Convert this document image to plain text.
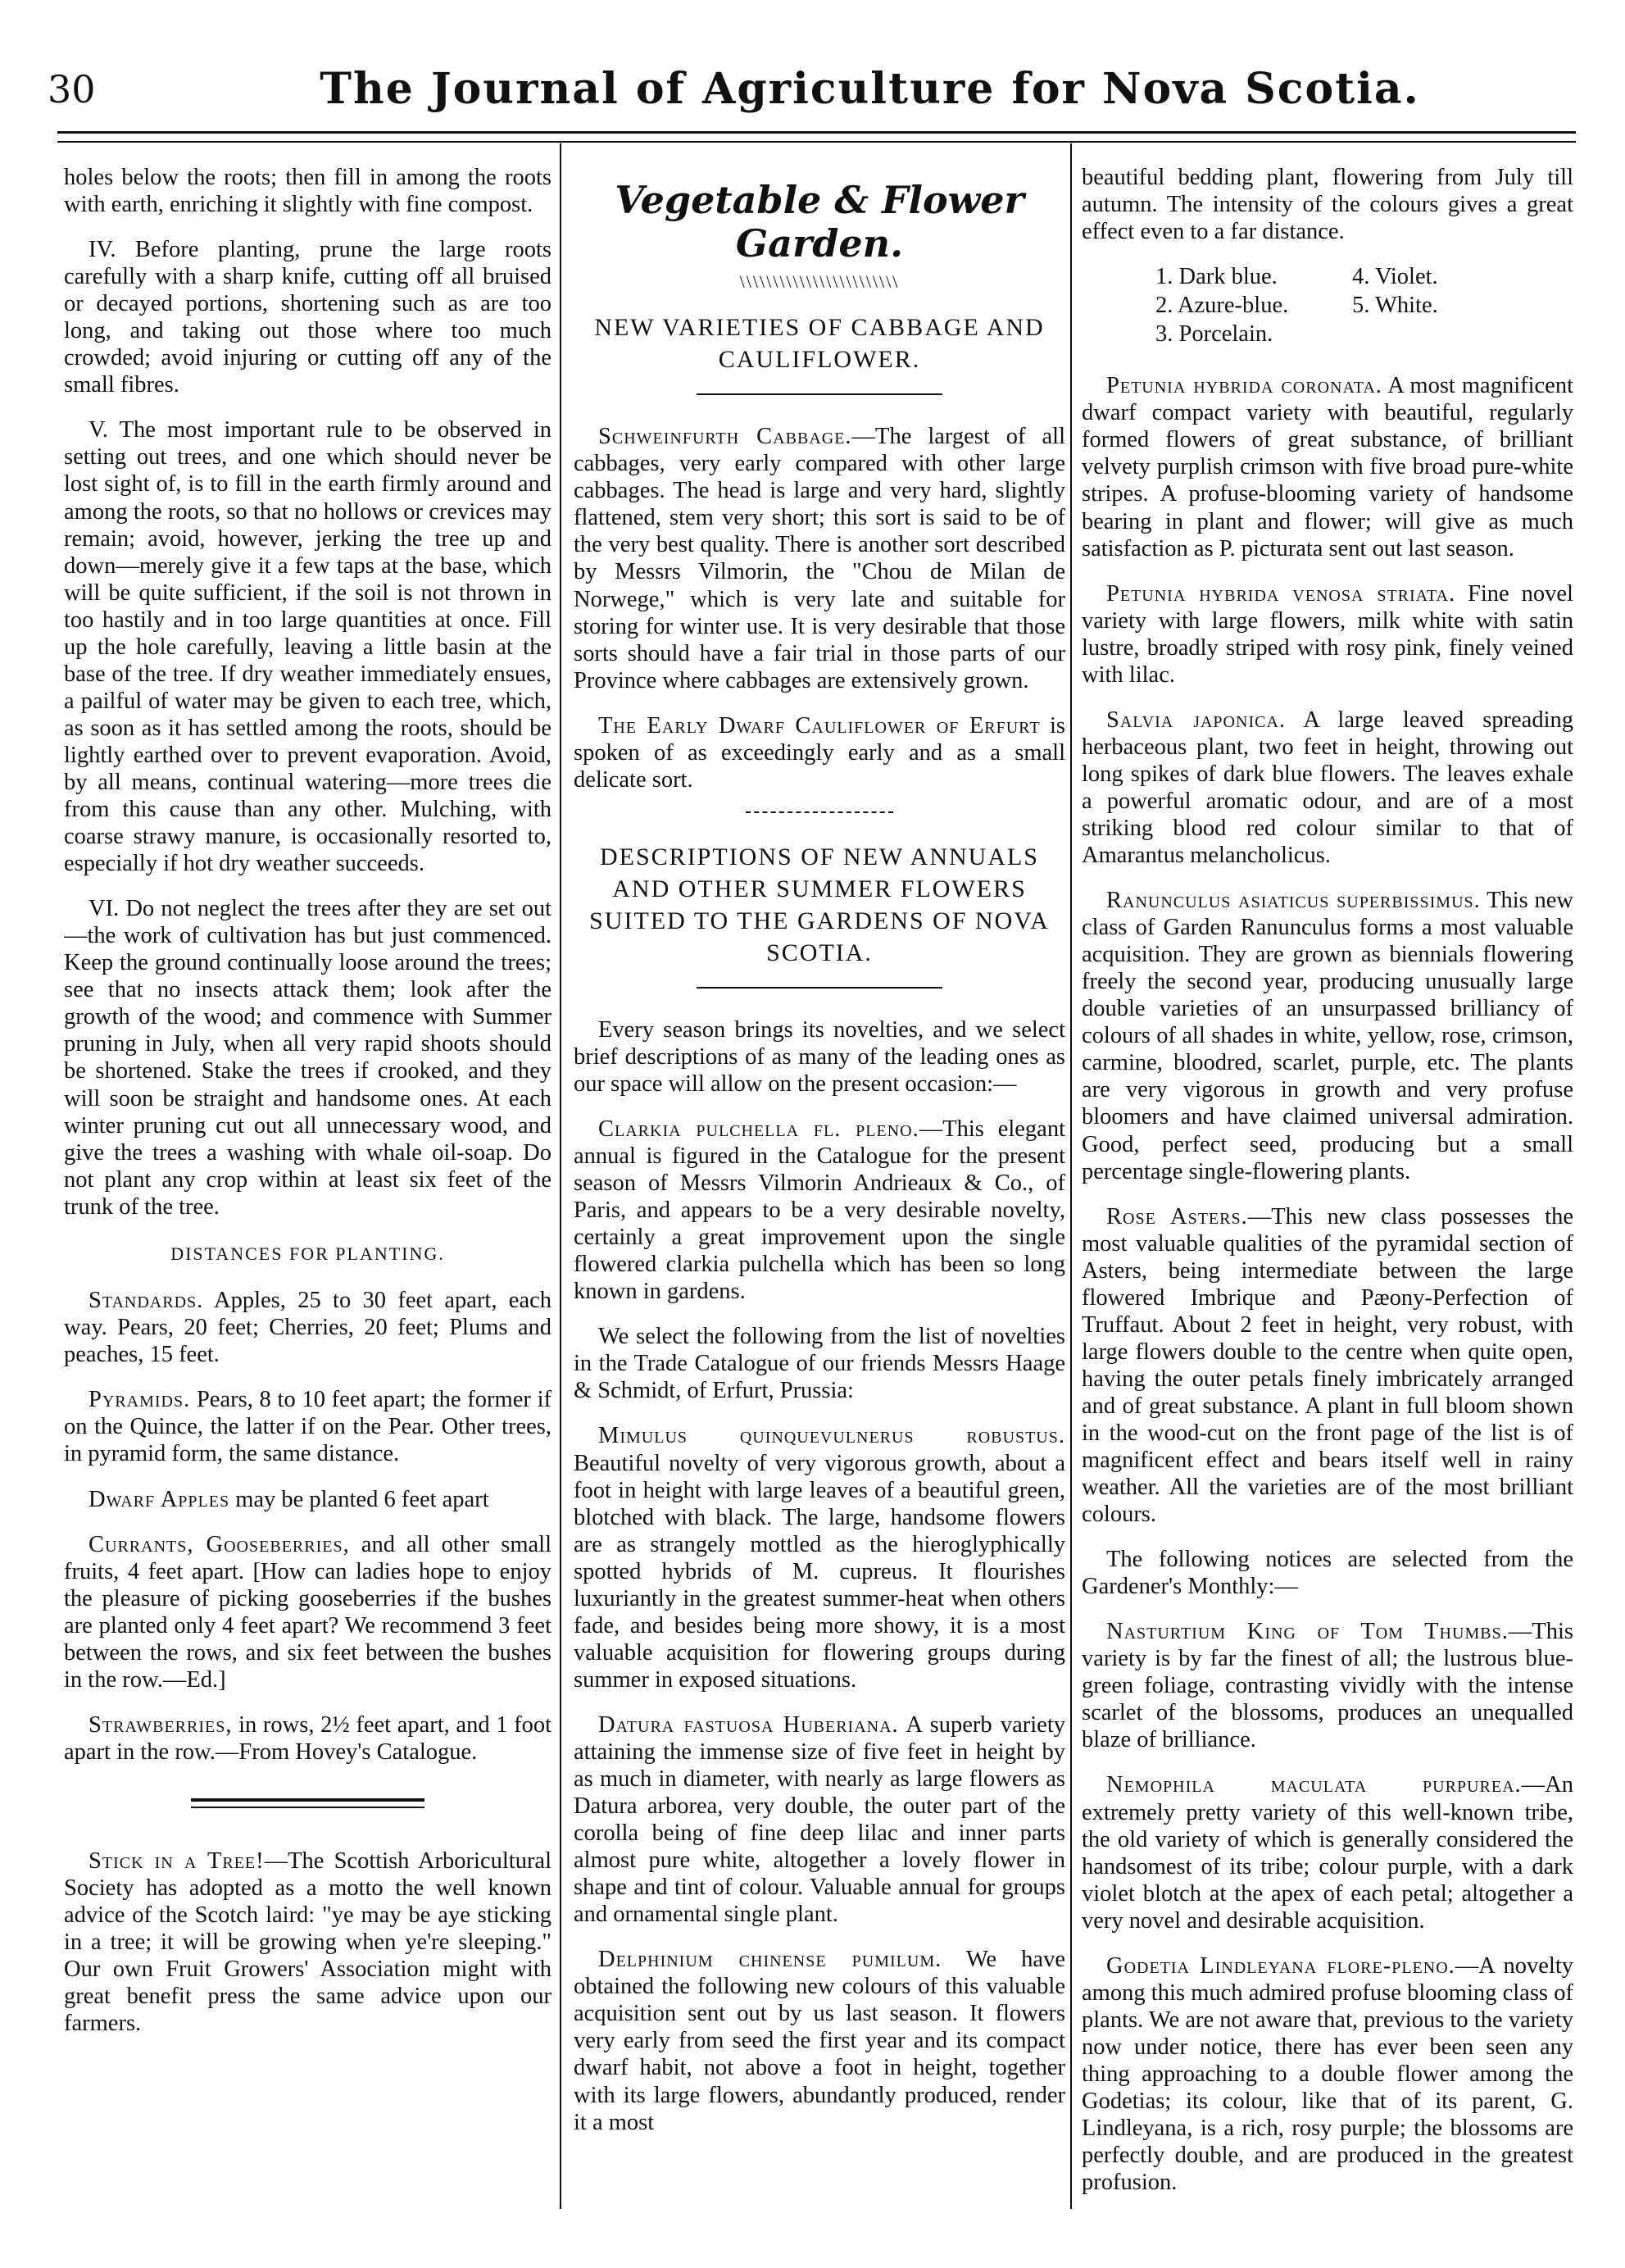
30	The Journal of Agriculture for Nova Scotia.

holes below the roots; then fill in among the roots with earth, enriching it slightly with fine compost.

IV. Before planting, prune the large roots carefully with a sharp knife, cutting off all bruised or decayed portions, shortening such as are too long, and taking out those where too much crowded; avoid injuring or cutting off any of the small fibres.

V. The most important rule to be observed in setting out trees, and one which should never be lost sight of, is to fill in the earth firmly around and among the roots, so that no hollows or crevices may remain; avoid, however, jerking the tree up and down—merely give it a few taps at the base, which will be quite sufficient, if the soil is not thrown in too hastily and in too large quantities at once. Fill up the hole carefully, leaving a little basin at the base of the tree. If dry weather immediately ensues, a pailful of water may be given to each tree, which, as soon as it has settled among the roots, should be lightly earthed over to prevent evaporation. Avoid, by all means, continual watering—more trees die from this cause than any other. Mulching, with coarse strawy manure, is occasionally resorted to, especially if hot dry weather succeeds.

VI. Do not neglect the trees after they are set out—the work of cultivation has but just commenced. Keep the ground continually loose around the trees; see that no insects attack them; look after the growth of the wood; and commence with Summer pruning in July, when all very rapid shoots should be shortened. Stake the trees if crooked, and they will soon be straight and handsome ones. At each winter pruning cut out all unnecessary wood, and give the trees a washing with whale oil-soap. Do not plant any crop within at least six feet of the trunk of the tree.

DISTANCES FOR PLANTING.

Standards. Apples, 25 to 30 feet apart, each way. Pears, 20 feet; Cherries, 20 feet; Plums and peaches, 15 feet.

Pyramids. Pears, 8 to 10 feet apart; the former if on the Quince, the latter if on the Pear. Other trees, in pyramid form, the same distance.

Dwarf Apples may be planted 6 feet apart

Currants, Gooseberries, and all other small fruits, 4 feet apart. [How can ladies hope to enjoy the pleasure of picking gooseberries if the bushes are planted only 4 feet apart? We recommend 3 feet between the rows, and six feet between the bushes in the row.—Ed.]

Strawberries, in rows, 2½ feet apart, and 1 foot apart in the row.—From Hovey's Catalogue.

Stick in a Tree!—The Scottish Arboricultural Society has adopted as a motto the well known advice of the Scotch laird: "ye may be aye sticking in a tree; it will be growing when ye're sleeping." Our own Fruit Growers' Association might with great benefit press the same advice upon our farmers.

Vegetable & Flower Garden.
\\\\\\\\\\\\\\\\\\\\\\\\
NEW VARIETIES OF CABBAGE AND CAULIFLOWER.

Schweinfurth Cabbage.—The largest of all cabbages, very early compared with other large cabbages. The head is large and very hard, slightly flattened, stem very short; this sort is said to be of the very best quality. There is another sort described by Messrs Vilmorin, the "Chou de Milan de Norwege," which is very late and suitable for storing for winter use. It is very desirable that those sorts should have a fair trial in those parts of our Province where cabbages are extensively grown.

The Early Dwarf Cauliflower of Erfurt is spoken of as exceedingly early and as a small delicate sort.

DESCRIPTIONS OF NEW ANNUALS AND OTHER SUMMER FLOWERS SUITED TO THE GARDENS OF NOVA SCOTIA.

Every season brings its novelties, and we select brief descriptions of as many of the leading ones as our space will allow on the present occasion:—

Clarkia pulchella fl. pleno.—This elegant annual is figured in the Catalogue for the present season of Messrs Vilmorin Andrieaux & Co., of Paris, and appears to be a very desirable novelty, certainly a great improvement upon the single flowered clarkia pulchella which has been so long known in gardens.

We select the following from the list of novelties in the Trade Catalogue of our friends Messrs Haage & Schmidt, of Erfurt, Prussia:

Mimulus quinquevulnerus robustus. Beautiful novelty of very vigorous growth, about a foot in height with large leaves of a beautiful green, blotched with black. The large, handsome flowers are as strangely mottled as the hieroglyphically spotted hybrids of M. cupreus. It flourishes luxuriantly in the greatest summer-heat when others fade, and besides being more showy, it is a most valuable acquisition for flowering groups during summer in exposed situations.

Datura fastuosa Huberiana. A superb variety attaining the immense size of five feet in height by as much in diameter, with nearly as large flowers as Datura arborea, very double, the outer part of the corolla being of fine deep lilac and inner parts almost pure white, altogether a lovely flower in shape and tint of colour. Valuable annual for groups and ornamental single plant.

Delphinium chinense pumilum. We have obtained the following new colours of this valuable acquisition sent out by us last season. It flowers very early from seed the first year and its compact dwarf habit, not above a foot in height, together with its large flowers, abundantly produced, render it a most

beautiful bedding plant, flowering from July till autumn. The intensity of the colours gives a great effect even to a far distance.

1. Dark blue.	4. Violet.
2. Azure-blue.	5. White.
3. Porcelain.

Petunia hybrida coronata. A most magnificent dwarf compact variety with beautiful, regularly formed flowers of great substance, of brilliant velvety purplish crimson with five broad pure-white stripes. A profuse-blooming variety of handsome bearing in plant and flower; will give as much satisfaction as P. picturata sent out last season.

Petunia hybrida venosa striata. Fine novel variety with large flowers, milk white with satin lustre, broadly striped with rosy pink, finely veined with lilac.

Salvia japonica. A large leaved spreading herbaceous plant, two feet in height, throwing out long spikes of dark blue flowers. The leaves exhale a powerful aromatic odour, and are of a most striking blood red colour similar to that of Amarantus melancholicus.

Ranunculus asiaticus superbissimus. This new class of Garden Ranunculus forms a most valuable acquisition. They are grown as biennials flowering freely the second year, producing unusually large double varieties of an unsurpassed brilliancy of colours of all shades in white, yellow, rose, crimson, carmine, bloodred, scarlet, purple, etc. The plants are very vigorous in growth and very profuse bloomers and have claimed universal admiration. Good, perfect seed, producing but a small percentage single-flowering plants.

Rose Asters.—This new class possesses the most valuable qualities of the pyramidal section of Asters, being intermediate between the large flowered Imbrique and Pæony-Perfection of Truffaut. About 2 feet in height, very robust, with large flowers double to the centre when quite open, having the outer petals finely imbricately arranged and of great substance. A plant in full bloom shown in the wood-cut on the front page of the list is of magnificent effect and bears itself well in rainy weather. All the varieties are of the most brilliant colours.

The following notices are selected from the Gardener's Monthly:—

Nasturtium King of Tom Thumbs.—This variety is by far the finest of all; the lustrous blue-green foliage, contrasting vividly with the intense scarlet of the blossoms, produces an unequalled blaze of brilliance.

Nemophila maculata purpurea.—An extremely pretty variety of this well-known tribe, the old variety of which is generally considered the handsomest of its tribe; colour purple, with a dark violet blotch at the apex of each petal; altogether a very novel and desirable acquisition.

Godetia Lindleyana flore-pleno.—A novelty among this much admired profuse blooming class of plants. We are not aware that, previous to the variety now under notice, there has ever been seen any thing approaching to a double flower among the Godetias; its colour, like that of its parent, G. Lindleyana, is a rich, rosy purple; the blossoms are perfectly double, and are produced in the greatest profusion.
